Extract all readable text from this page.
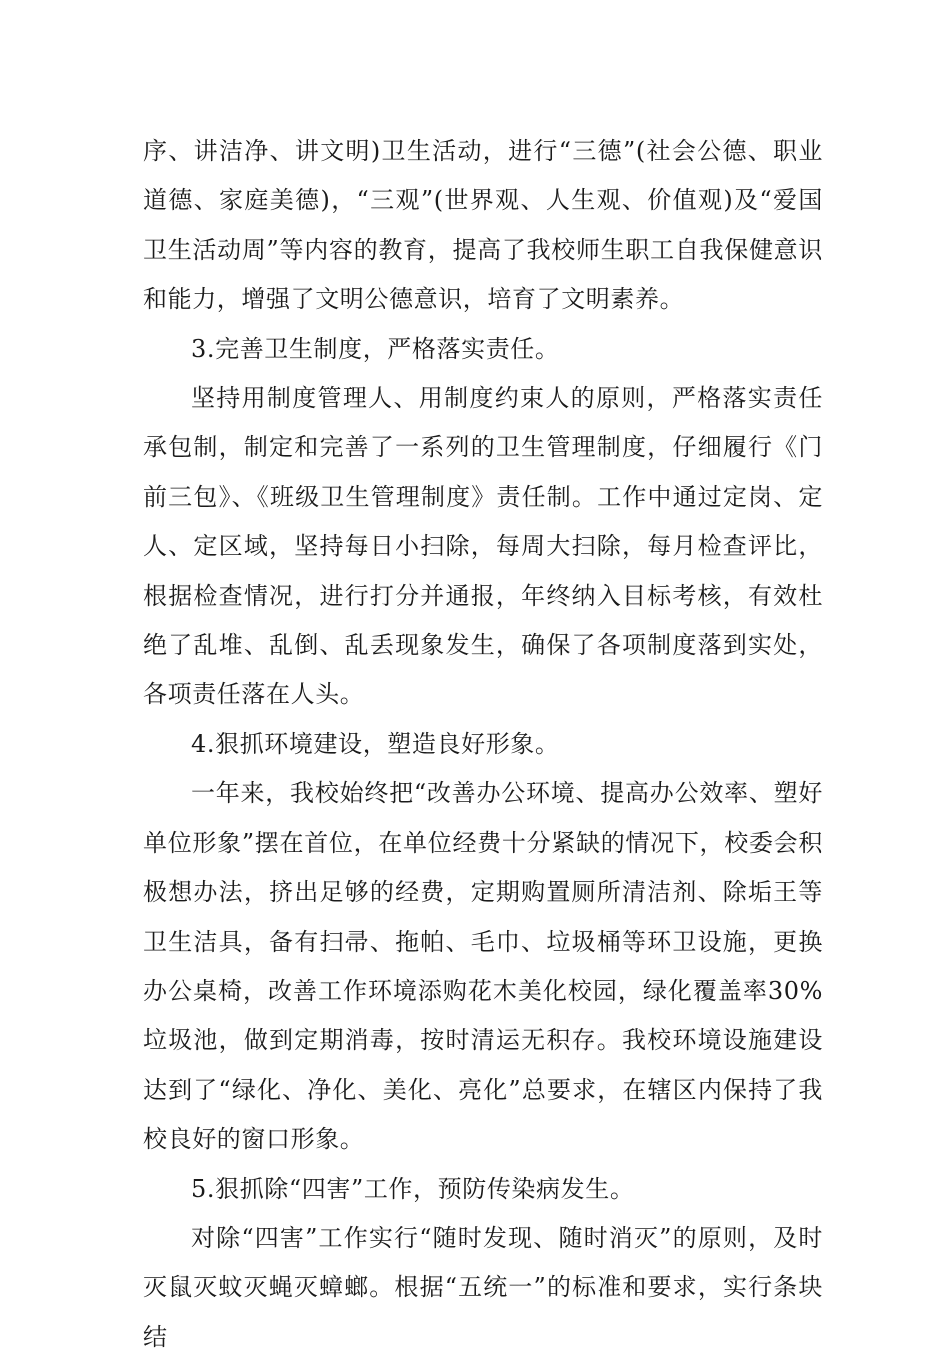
序、讲洁净、讲文明)卫生活动，进行“三德”(社会公德、职业道德、家庭美德)，“三观”(世界观、人生观、价值观)及“爱国卫生活动周”等内容的教育，提高了我校师生职工自我保健意识和能力，增强了文明公德意识，培育了文明素养。

3.完善卫生制度，严格落实责任。

坚持用制度管理人、用制度约束人的原则，严格落实责任承包制，制定和完善了一系列的卫生管理制度，仔细履行《门前三包》、《班级卫生管理制度》责任制。工作中通过定岗、定人、定区域，坚持每日小扫除，每周大扫除，每月检查评比，根据检查情况，进行打分并通报，年终纳入目标考核，有效杜绝了乱堆、乱倒、乱丢现象发生，确保了各项制度落到实处，各项责任落在人头。

4.狠抓环境建设，塑造良好形象。

一年来，我校始终把“改善办公环境、提高办公效率、塑好单位形象”摆在首位，在单位经费十分紧缺的情况下，校委会积极想办法，挤出足够的经费，定期购置厕所清洁剂、除垢王等卫生洁具，备有扫帚、拖帕、毛巾、垃圾桶等环卫设施，更换办公桌椅，改善工作环境添购花木美化校园，绿化覆盖率30%垃圾池，做到定期消毒，按时清运无积存。我校环境设施建设达到了“绿化、净化、美化、亮化”总要求，在辖区内保持了我校良好的窗口形象。

5.狠抓除“四害”工作，预防传染病发生。

对除“四害”工作实行“随时发现、随时消灭”的原则，及时灭鼠灭蚊灭蝇灭蟑螂。根据“五统一”的标准和要求，实行条块结
